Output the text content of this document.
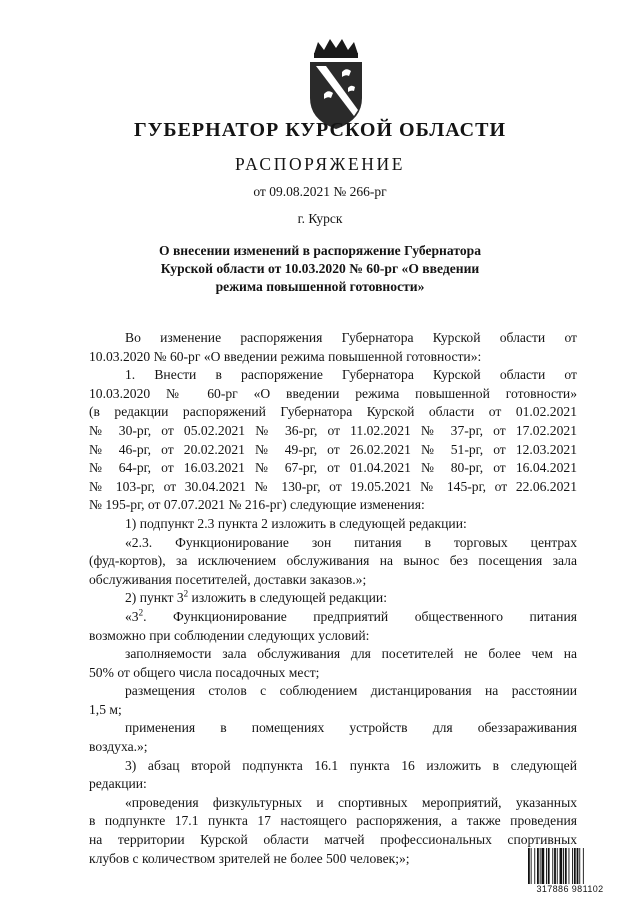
ГУБЕРНАТОР КУРСКОЙ ОБЛАСТИ
РАСПОРЯЖЕНИЕ
от 09.08.2021 № 266-рг
г. Курск
О внесении изменений в распоряжение Губернатора
Курской области от 10.03.2020 № 60-рг «О введении
режима повышенной готовности»

Во изменение распоряжения Губернатора Курской области от

10.03.2020 № 60-рг «О введении режима повышенной готовности»:

1. Внести в распоряжение Губернатора Курской области от

10.03.2020 № 60-рг «О введении режима повышенной готовности»

(в редакции распоряжений Губернатора Курской области от 01.02.2021

№ 30-рг, от 05.02.2021 № 36-рг, от 11.02.2021 № 37-рг, от 17.02.2021

№ 46-рг, от 20.02.2021 № 49-рг, от 26.02.2021 № 51-рг, от 12.03.2021

№ 64-рг, от 16.03.2021 № 67-рг, от 01.04.2021 № 80-рг, от 16.04.2021

№ 103-рг, от 30.04.2021 № 130-рг, от 19.05.2021 № 145-рг, от 22.06.2021

№ 195-рг, от 07.07.2021 № 216-рг) следующие изменения:

1) подпункт 2.3 пункта 2 изложить в следующей редакции:

«2.3. Функционирование зон питания в торговых центрах

(фуд-кортов), за исключением обслуживания на вынос без посещения зала

обслуживания посетителей, доставки заказов.»;

2) пункт $3^2$ изложить в следующей редакции:

«$3^2$. Функционирование предприятий общественного питания

возможно при соблюдении следующих условий:

заполняемости зала обслуживания для посетителей не более чем на

50% от общего числа посадочных мест;

размещения столов с соблюдением дистанцирования на расстоянии

1,5 м;

применения в помещениях устройств для обеззараживания

воздуха.»;

3) абзац второй подпункта 16.1 пункта 16 изложить в следующей

редакции:

«проведения физкультурных и спортивных мероприятий, указанных

в подпункте 17.1 пункта 17 настоящего распоряжения, а также проведения

на территории Курской области матчей профессиональных спортивных

клубов с количеством зрителей не более 500 человек;»;

317886 981102
